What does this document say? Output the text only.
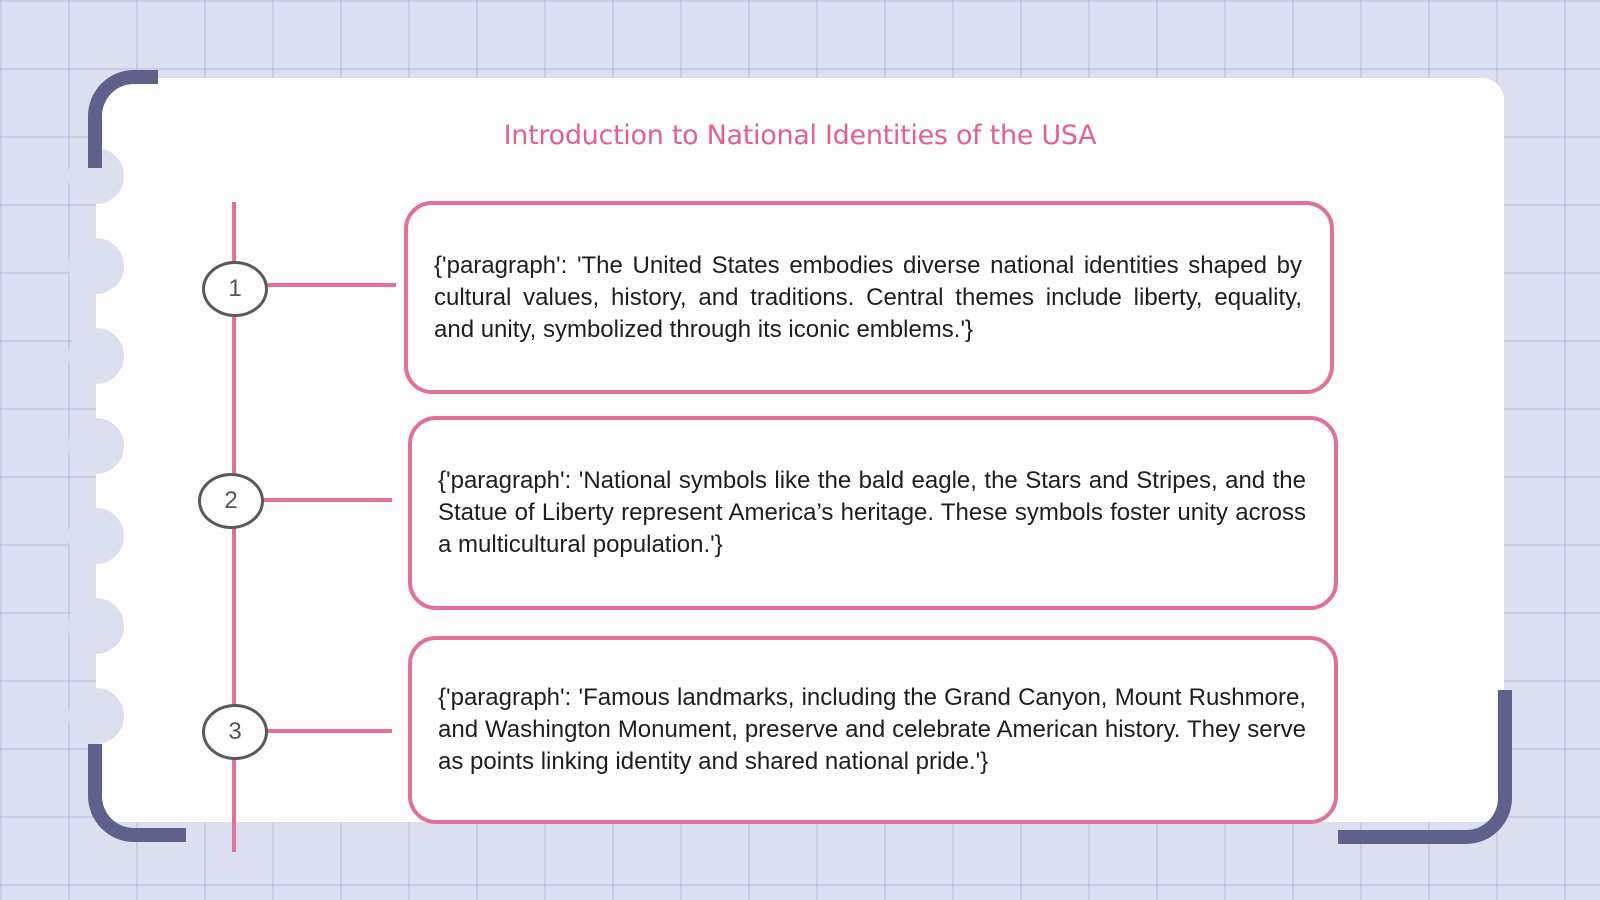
Introduction to National Identities of the USA
1
2
3
{'paragraph': 'The United States embodies diverse national identities shaped by cultural values, history, and traditions. Central themes include liberty, equality, and unity, symbolized through its iconic emblems.'}
{'paragraph': 'National symbols like the bald eagle, the Stars and Stripes, and the Statue of Liberty represent America’s heritage. These symbols foster unity across a multicultural population.'}
{'paragraph': 'Famous landmarks, including the Grand Canyon, Mount Rushmore, and Washington Monument, preserve and celebrate American history. They serve as points linking identity and shared national pride.'}
